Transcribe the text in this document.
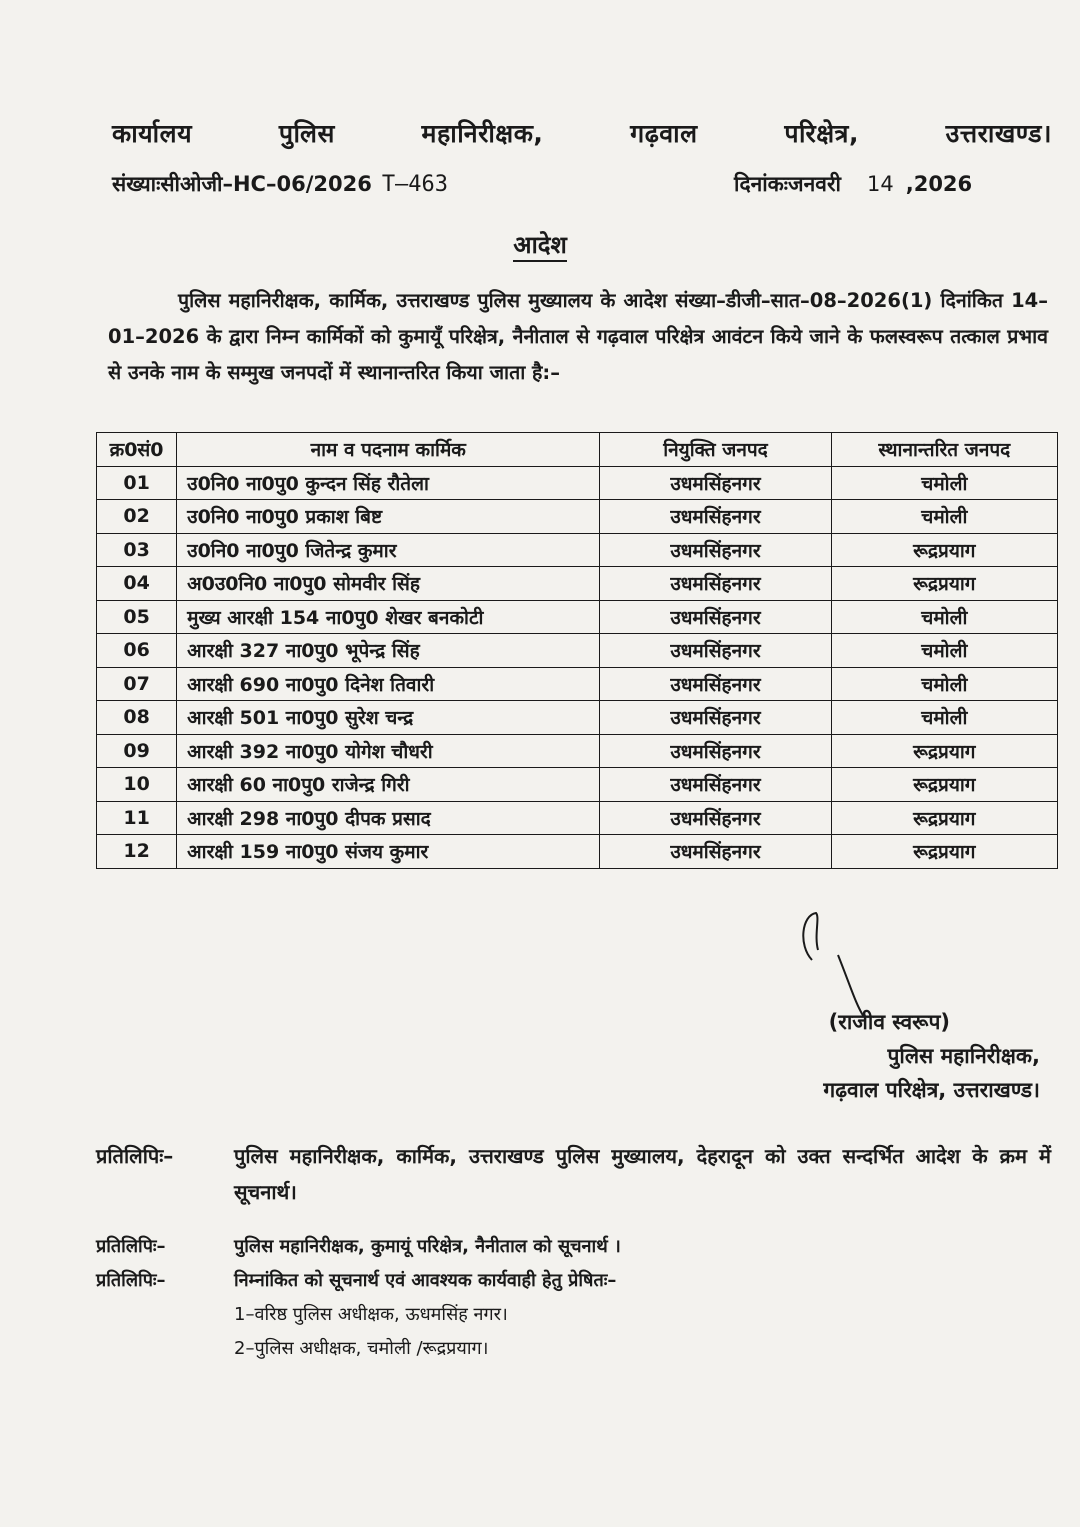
कार्यालय	पुलिस	महानिरीक्षक,	गढ़वाल	परिक्षेत्र,	उत्तराखण्ड।
संख्याःसीओजी–HC–06/2026 T–463	दिनांकःजनवरी 14 ,2026
आदेश
पुलिस महानिरीक्षक, कार्मिक, उत्तराखण्ड पुलिस मुख्यालय के आदेश संख्या–डीजी–सात–08–2026(1) दिनांकित 14–01–2026 के द्वारा निम्न कार्मिकों को कुमायूँ परिक्षेत्र, नैनीताल से गढ़वाल परिक्षेत्र आवंटन किये जाने के फलस्वरूप तत्काल प्रभाव से उनके नाम के सम्मुख जनपदों में स्थानान्तरित किया जाता है:–
क्र0सं0	नाम व पदनाम कार्मिक	नियुक्ति जनपद	स्थानान्तरित जनपद
01	उ0नि0 ना0पु0 कुन्दन सिंह रौतेला	उधमसिंहनगर	चमोली
02	उ0नि0 ना0पु0 प्रकाश बिष्ट	उधमसिंहनगर	चमोली
03	उ0नि0 ना0पु0 जितेन्द्र कुमार	उधमसिंहनगर	रूद्रप्रयाग
04	अ0उ0नि0 ना0पु0 सोमवीर सिंह	उधमसिंहनगर	रूद्रप्रयाग
05	मुख्य आरक्षी 154 ना0पु0 शेखर बनकोटी	उधमसिंहनगर	चमोली
06	आरक्षी 327 ना0पु0 भूपेन्द्र सिंह	उधमसिंहनगर	चमोली
07	आरक्षी 690 ना0पु0 दिनेश तिवारी	उधमसिंहनगर	चमोली
08	आरक्षी 501 ना0पु0 सुरेश चन्द्र	उधमसिंहनगर	चमोली
09	आरक्षी 392 ना0पु0 योगेश चौधरी	उधमसिंहनगर	रूद्रप्रयाग
10	आरक्षी 60 ना0पु0 राजेन्द्र गिरी	उधमसिंहनगर	रूद्रप्रयाग
11	आरक्षी 298 ना0पु0 दीपक प्रसाद	उधमसिंहनगर	रूद्रप्रयाग
12	आरक्षी 159 ना0पु0 संजय कुमार	उधमसिंहनगर	रूद्रप्रयाग
(राजीव स्वरूप)
पुलिस महानिरीक्षक,
गढ़वाल परिक्षेत्र, उत्तराखण्ड।
प्रतिलिपिः–	पुलिस महानिरीक्षक, कार्मिक, उत्तराखण्ड पुलिस मुख्यालय, देहरादून को उक्त सन्दर्भित आदेश के क्रम में सूचनार्थ।
प्रतिलिपिः–	पुलिस महानिरीक्षक, कुमायूं परिक्षेत्र, नैनीताल को सूचनार्थ ।
प्रतिलिपिः–	निम्नांकित को सूचनार्थ एवं आवश्यक कार्यवाही हेतु प्रेषितः–
1–वरिष्ठ पुलिस अधीक्षक, ऊधमसिंह नगर।
2–पुलिस अधीक्षक, चमोली /रूद्रप्रयाग।
